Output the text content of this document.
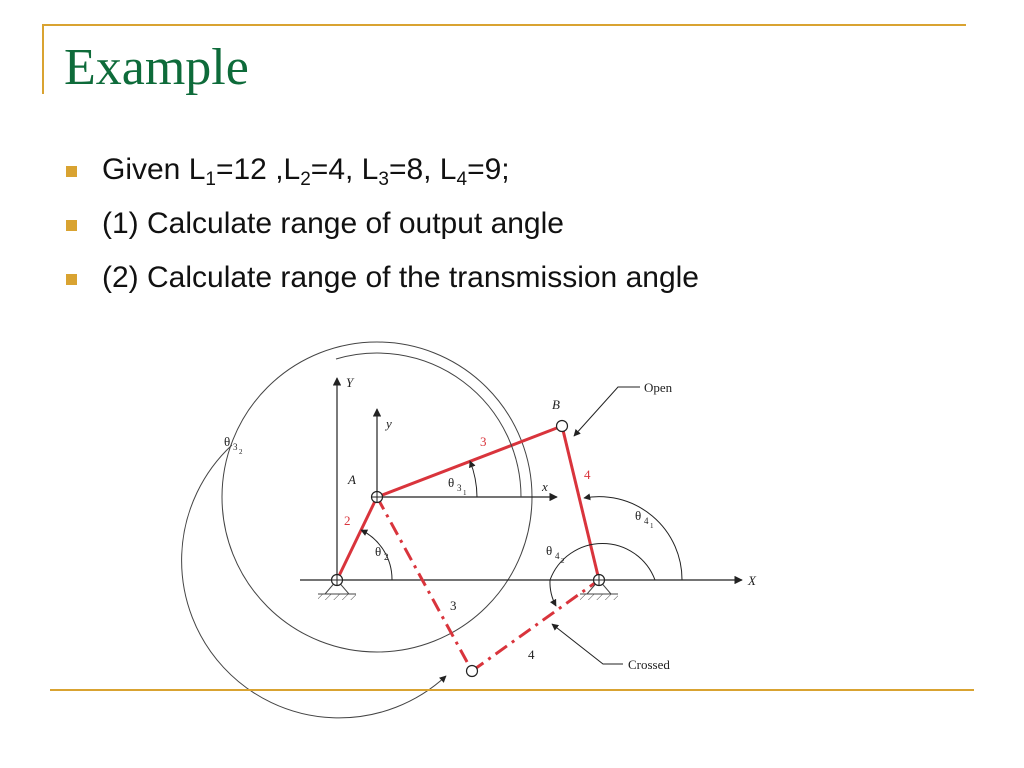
Example
Given $L_1=12$ $,L_2=4$, $L_3=8$, $L_4=9$;
(1) Calculate range of output angle
(2) Calculate range of the transmission angle
Y
y
A
B
x
X
Open
Crossed
2
3
4
3
4
θ 3 2
θ 3 1
θ 2
θ 4 1
θ 4 2
